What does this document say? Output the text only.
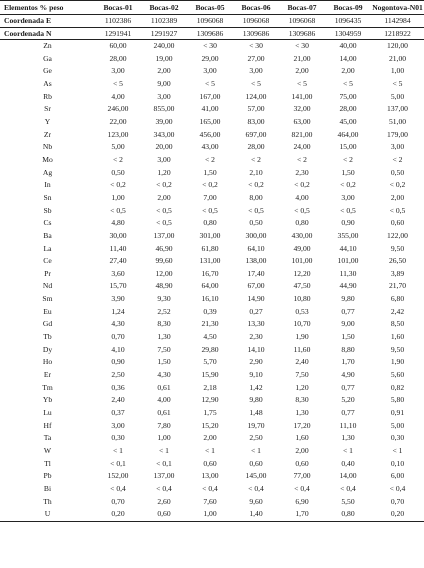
Elementos % peso	Bocas-01	Bocas-02	Bocas-05	Bocas-06	Bocas-07	Bocas-09	Nogontova-N01
Coordenada E	1102386	1102389	1096068	1096068	1096068	1096435	1142984
Coordenada N	1291941	1291927	1309686	1309686	1309686	1304959	1218922
Zn	60,00	240,00	< 30	< 30	< 30	40,00	120,00
Ga	28,00	19,00	29,00	27,00	21,00	14,00	21,00
Ge	3,00	2,00	3,00	3,00	2,00	2,00	1,00
As	< 5	9,00	< 5	< 5	< 5	< 5	< 5
Rb	4,00	3,00	167,00	124,00	141,00	75,00	5,00
Sr	246,00	855,00	41,00	57,00	32,00	28,00	137,00
Y	22,00	39,00	165,00	83,00	63,00	45,00	51,00
Zr	123,00	343,00	456,00	697,00	821,00	464,00	179,00
Nb	5,00	20,00	43,00	28,00	24,00	15,00	3,00
Mo	< 2	3,00	< 2	< 2	< 2	< 2	< 2
Ag	0,50	1,20	1,50	2,10	2,30	1,50	0,50
In	< 0,2	< 0,2	< 0,2	< 0,2	< 0,2	< 0,2	< 0,2
Sn	1,00	2,00	7,00	8,00	4,00	3,00	2,00
Sb	< 0,5	< 0,5	< 0,5	< 0,5	< 0,5	< 0,5	< 0,5
Cs	4,80	< 0,5	0,80	0,50	0,80	0,90	0,60
Ba	30,00	137,00	301,00	300,00	430,00	355,00	122,00
La	11,40	46,90	61,80	64,10	49,00	44,10	9,50
Ce	27,40	99,60	131,00	138,00	101,00	101,00	26,50
Pr	3,60	12,00	16,70	17,40	12,20	11,30	3,89
Nd	15,70	48,90	64,00	67,00	47,50	44,90	21,70
Sm	3,90	9,30	16,10	14,90	10,80	9,80	6,80
Eu	1,24	2,52	0,39	0,27	0,53	0,77	2,42
Gd	4,30	8,30	21,30	13,30	10,70	9,00	8,50
Tb	0,70	1,30	4,50	2,30	1,90	1,50	1,60
Dy	4,10	7,50	29,80	14,10	11,60	8,80	9,50
Ho	0,90	1,50	5,70	2,90	2,40	1,70	1,90
Er	2,50	4,30	15,90	9,10	7,50	4,90	5,60
Tm	0,36	0,61	2,18	1,42	1,20	0,77	0,82
Yb	2,40	4,00	12,90	9,80	8,30	5,20	5,80
Lu	0,37	0,61	1,75	1,48	1,30	0,77	0,91
Hf	3,00	7,80	15,20	19,70	17,20	11,10	5,00
Ta	0,30	1,00	2,00	2,50	1,60	1,30	0,30
W	< 1	< 1	< 1	< 1	2,00	< 1	< 1
Tl	< 0,1	< 0,1	0,60	0,60	0,60	0,40	0,10
Pb	152,00	137,00	13,00	145,00	77,00	14,00	6,00
Bi	< 0,4	< 0,4	< 0,4	< 0,4	< 0,4	< 0,4	< 0,4
Th	0,70	2,60	7,60	9,60	6,90	5,50	0,70
U	0,20	0,60	1,00	1,40	1,70	0,80	0,20
